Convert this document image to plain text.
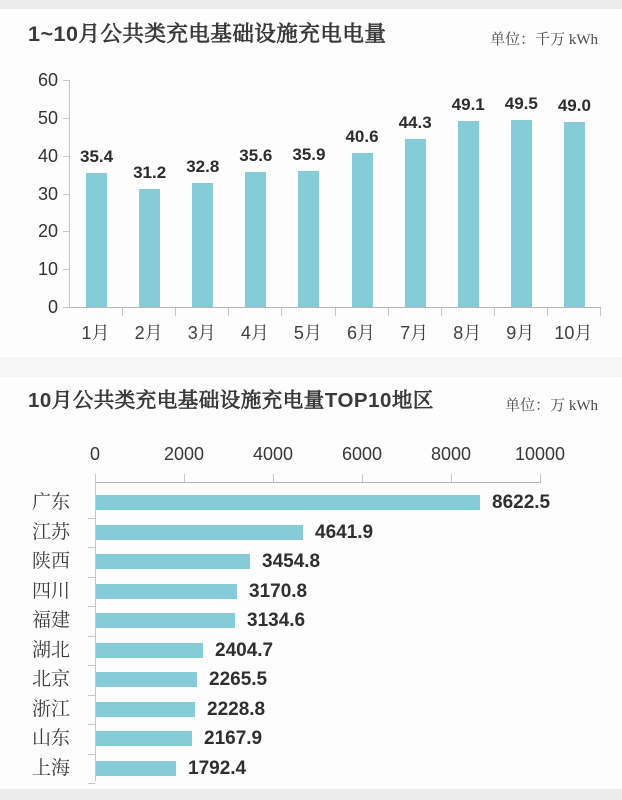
1~10月公共类充电基础设施充电电量	单位：千万 kWh
0
10
20
30
40
50
60
35.4
31.2 32.8
35.6 35.9
40.6
44.3
49.1 49.5 49.0
1月	2月	3月	4月	5月	6月	7月	8月	9月	10月
10月公共类充电基础设施充电量TOP10地区	单位：万 kWh
0	2000	4000	6000	8000	10000
广东	8622.5
江苏	4641.9
陕西	3454.8
四川	3170.8
福建	3134.6
湖北	2404.7
北京	2265.5
浙江	2228.8
山东	2167.9
上海	1792.4
